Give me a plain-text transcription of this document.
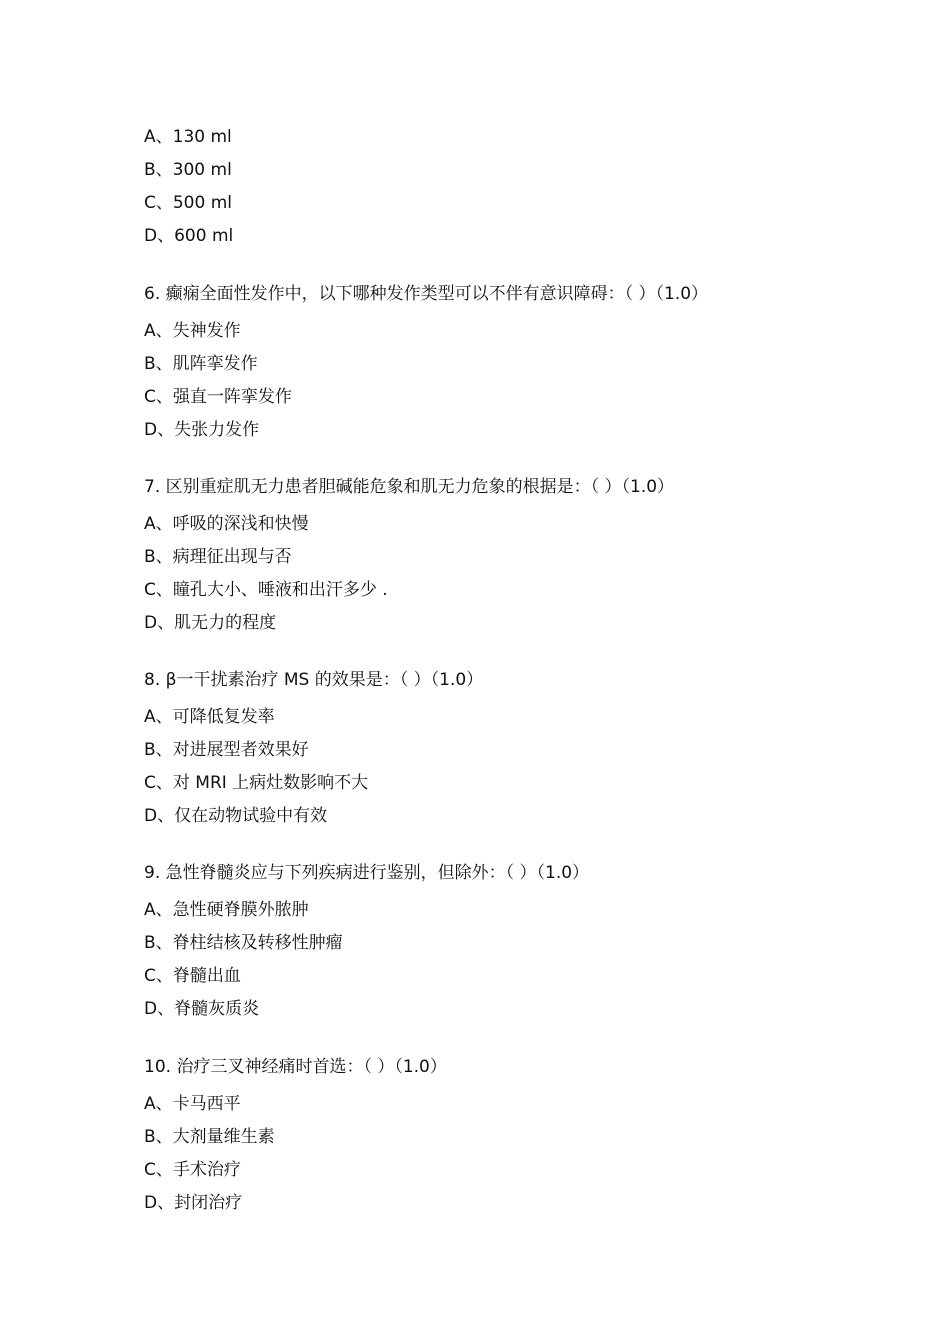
A、130 ml
B、300 ml
C、500 ml
D、600 ml
6. 癫痫全面性发作中，以下哪种发作类型可以不伴有意识障碍：（ ）（1.0）
A、失神发作
B、肌阵挛发作
C、强直一阵挛发作
D、失张力发作
7. 区别重症肌无力患者胆碱能危象和肌无力危象的根据是：（ ）（1.0）
A、呼吸的深浅和快慢
B、病理征出现与否
C、瞳孔大小、唾液和出汗多少 .
D、肌无力的程度
8. β一干扰素治疗 MS 的效果是：（ ）（1.0）
A、可降低复发率
B、对进展型者效果好
C、对 MRI 上病灶数影响不大
D、仅在动物试验中有效
9. 急性脊髓炎应与下列疾病进行鉴别，但除外：（ ）（1.0）
A、急性硬脊膜外脓肿
B、脊柱结核及转移性肿瘤
C、脊髓出血
D、脊髓灰质炎
10. 治疗三叉神经痛时首选：（ ）（1.0）
A、卡马西平
B、大剂量维生素
C、手术治疗
D、封闭治疗
